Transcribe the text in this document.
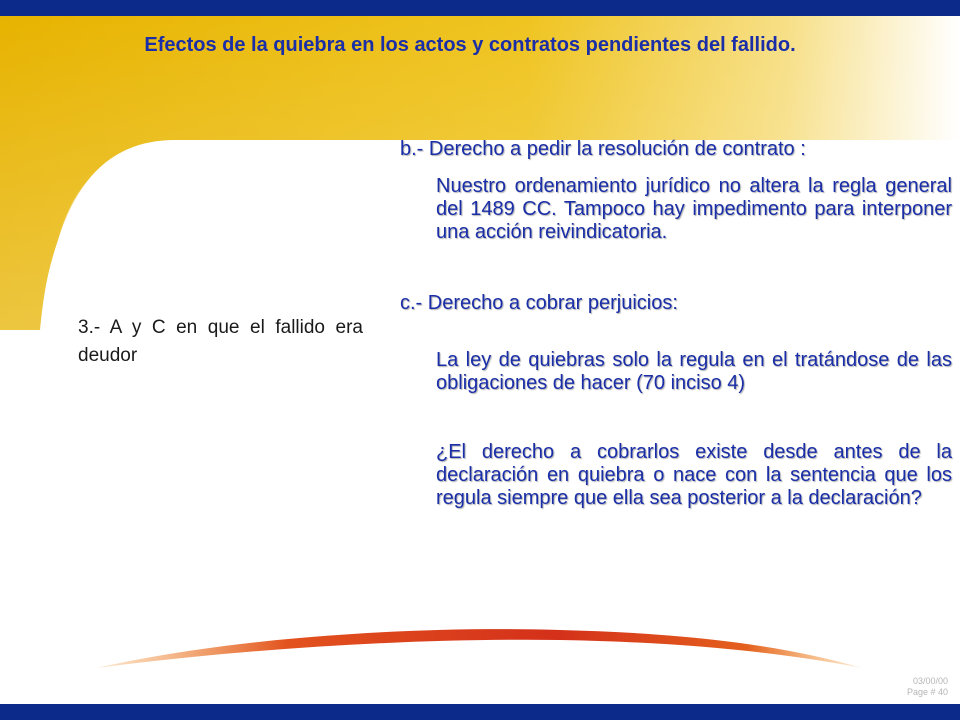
Efectos de la quiebra en los actos y contratos pendientes del fallido.
3.- A y C en que el fallido era deudor

b.- Derecho a pedir la resolución de contrato :

Nuestro ordenamiento jurídico no altera la regla general del 1489 CC. Tampoco hay impedimento para interponer una acción reivindicatoria.

c.- Derecho a cobrar perjuicios:

La ley de quiebras solo la regula en el tratándose de las obligaciones de hacer (70 inciso 4)

¿El derecho a cobrarlos existe desde antes de la declaración en quiebra o nace con la sentencia que los regula siempre que ella sea posterior a la declaración?

03/00/00
Page # 40
